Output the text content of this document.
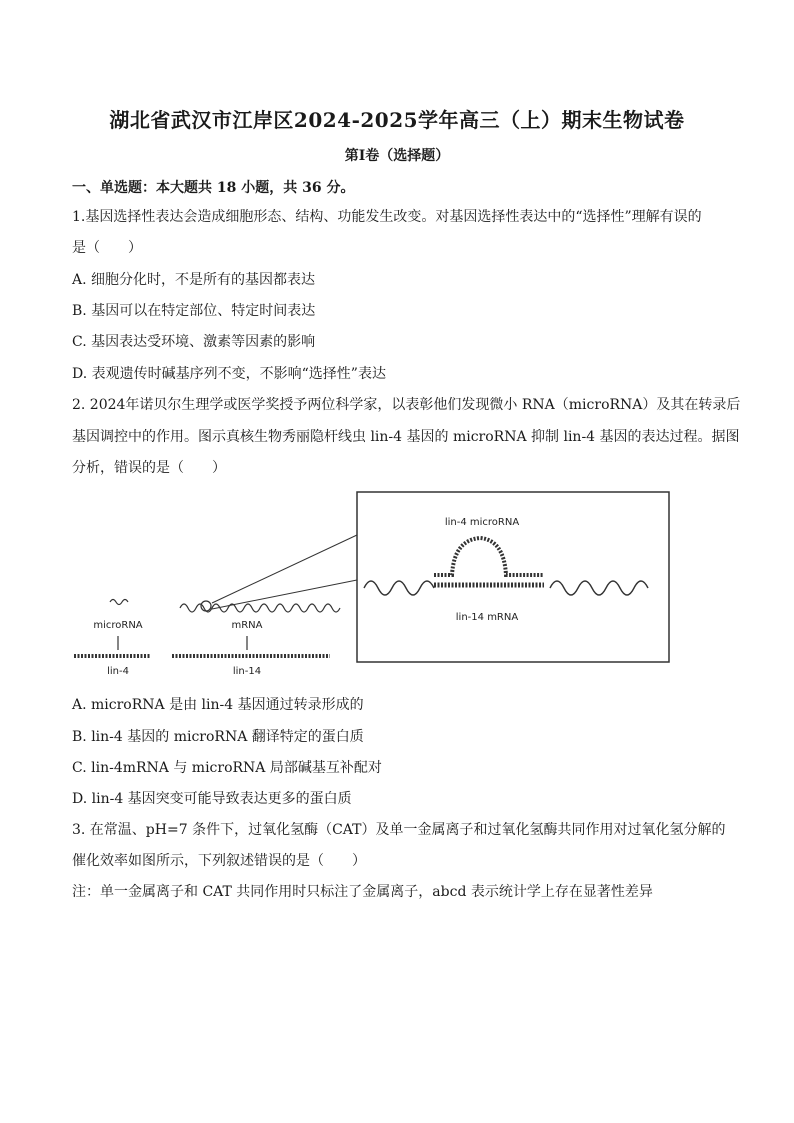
湖北省武汉市江岸区2024-2025学年高三（上）期末生物试卷
第Ⅰ卷（选择题）
一、单选题：本大题共 18 小题，共 36 分。
1.基因选择性表达会造成细胞形态、结构、功能发生改变。对基因选择性表达中的“选择性”理解有误的
是（　　）
A. 细胞分化时，不是所有的基因都表达
B. 基因可以在特定部位、特定时间表达
C. 基因表达受环境、激素等因素的影响
D. 表观遗传时碱基序列不变，不影响“选择性”表达
2. 2024年诺贝尔生理学或医学奖授予两位科学家，以表彰他们发现微小 RNA（microRNA）及其在转录后
基因调控中的作用。图示真核生物秀丽隐杆线虫 lin-4 基因的 microRNA 抑制 lin-4 基因的表达过程。据图
分析，错误的是（　　）
lin-4 microRNA
lin-14 mRNA
microRNA
lin-4
mRNA
lin-14
A. microRNA 是由 lin-4 基因通过转录形成的
B. lin-4 基因的 microRNA 翻译特定的蛋白质
C. lin-4mRNA 与 microRNA 局部碱基互补配对
D. lin-4 基因突变可能导致表达更多的蛋白质
3. 在常温、pH=7 条件下，过氧化氢酶（CAT）及单一金属离子和过氧化氢酶共同作用对过氧化氢分解的
催化效率如图所示，下列叙述错误的是（　　）
注：单一金属离子和 CAT 共同作用时只标注了金属离子，abcd 表示统计学上存在显著性差异
